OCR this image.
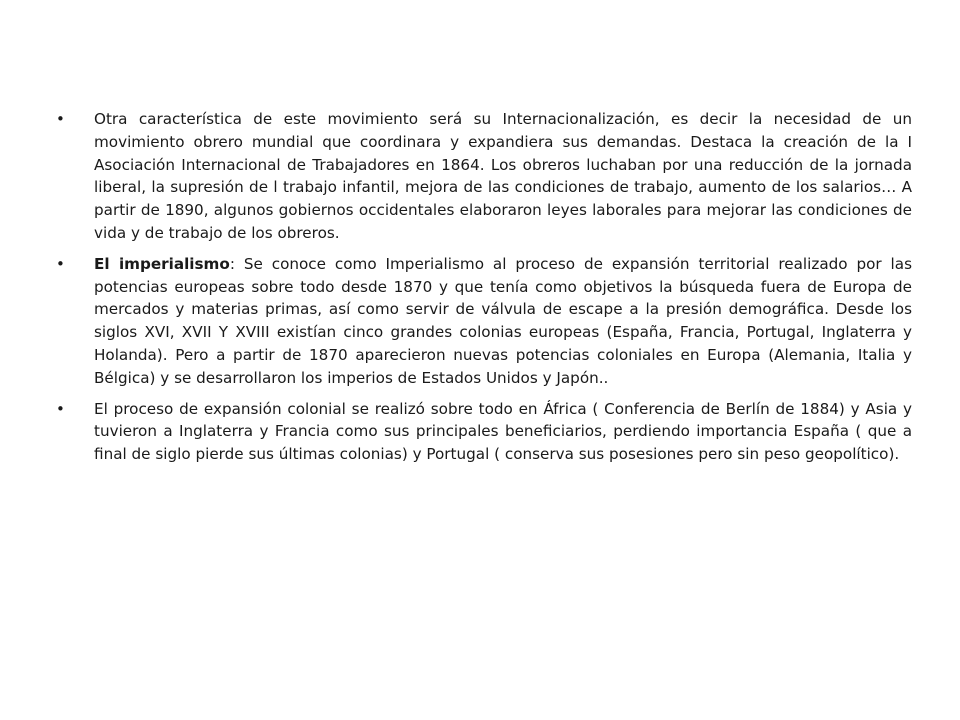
• Otra característica de este movimiento será su Internacionalización, es decir la necesidad de un movimiento obrero mundial que coordinara y expandiera sus demandas. Destaca la creación de la I Asociación Internacional de Trabajadores en 1864. Los obreros luchaban por una reducción de la jornada liberal, la supresión de l trabajo infantil, mejora de las condiciones de trabajo, aumento de los salarios… A partir de 1890, algunos gobiernos occidentales elaboraron leyes laborales para mejorar las condiciones de vida y de trabajo de los obreros.
• El imperialismo: Se conoce como Imperialismo al proceso de expansión territorial realizado por las potencias europeas sobre todo desde 1870 y que tenía como objetivos la búsqueda fuera de Europa de mercados y materias primas, así como servir de válvula de escape a la presión demográfica. Desde los siglos XVI, XVII Y XVIII existían cinco grandes colonias europeas (España, Francia, Portugal, Inglaterra y Holanda). Pero a partir de 1870 aparecieron nuevas potencias coloniales en Europa (Alemania, Italia y Bélgica) y se desarrollaron los imperios de Estados Unidos y Japón..
• El proceso de expansión colonial se realizó sobre todo en África ( Conferencia de Berlín de 1884) y Asia y tuvieron a Inglaterra y Francia como sus principales beneficiarios, perdiendo importancia España ( que a final de siglo pierde sus últimas colonias) y Portugal ( conserva sus posesiones pero sin peso geopolítico).
